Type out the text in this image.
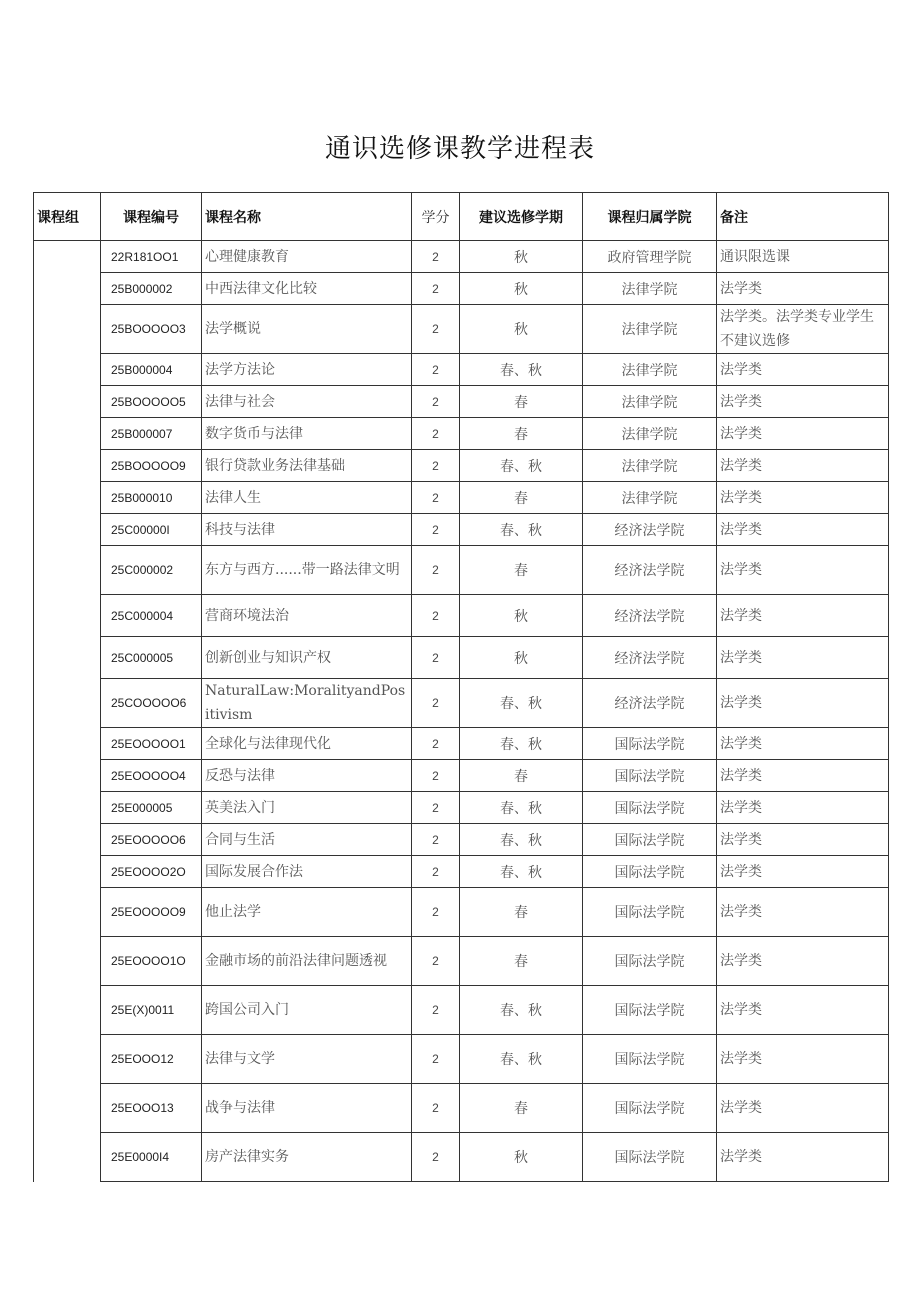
通识选修课教学进程表
课程组	课程编号	课程名称	学分	建议选修学期	课程归属学院	备注
	22R181OO1	心理健康教育	2	秋	政府管理学院	通识限选课
	25B000002	中西法律文化比较	2	秋	法律学院	法学类
	25BOOOOO3	法学概说	2	秋	法律学院	法学类。法学类专业学生不建议选修
	25B000004	法学方法论	2	春、秋	法律学院	法学类
	25BOOOOO5	法律与社会	2	春	法律学院	法学类
	25B000007	数字货币与法律	2	春	法律学院	法学类
	25BOOOOO9	银行贷款业务法律基础	2	春、秋	法律学院	法学类
	25B000010	法律人生	2	春	法律学院	法学类
	25C00000I	科技与法律	2	春、秋	经济法学院	法学类
	25C000002	东方与西方......带一路法律文明	2	春	经济法学院	法学类
	25C000004	营商环境法治	2	秋	经济法学院	法学类
	25C000005	创新创业与知识产权	2	秋	经济法学院	法学类
	25COOOOO6	NaturalLaw:MoralityandPositivism	2	春、秋	经济法学院	法学类
	25EOOOOO1	全球化与法律现代化	2	春、秋	国际法学院	法学类
	25EOOOOO4	反恐与法律	2	春	国际法学院	法学类
	25E000005	英美法入门	2	春、秋	国际法学院	法学类
	25EOOOOO6	合同与生活	2	春、秋	国际法学院	法学类
	25EOOOO2O	国际发展合作法	2	春、秋	国际法学院	法学类
	25EOOOOO9	他止法学	2	春	国际法学院	法学类
	25EOOOO1O	金融市场的前沿法律问题透视	2	春	国际法学院	法学类
	25E(X)0011	跨国公司入门	2	春、秋	国际法学院	法学类
	25EOOO12	法律与文学	2	春、秋	国际法学院	法学类
	25EOOO13	战争与法律	2	春	国际法学院	法学类
	25E0000I4	房产法律实务	2	秋	国际法学院	法学类
